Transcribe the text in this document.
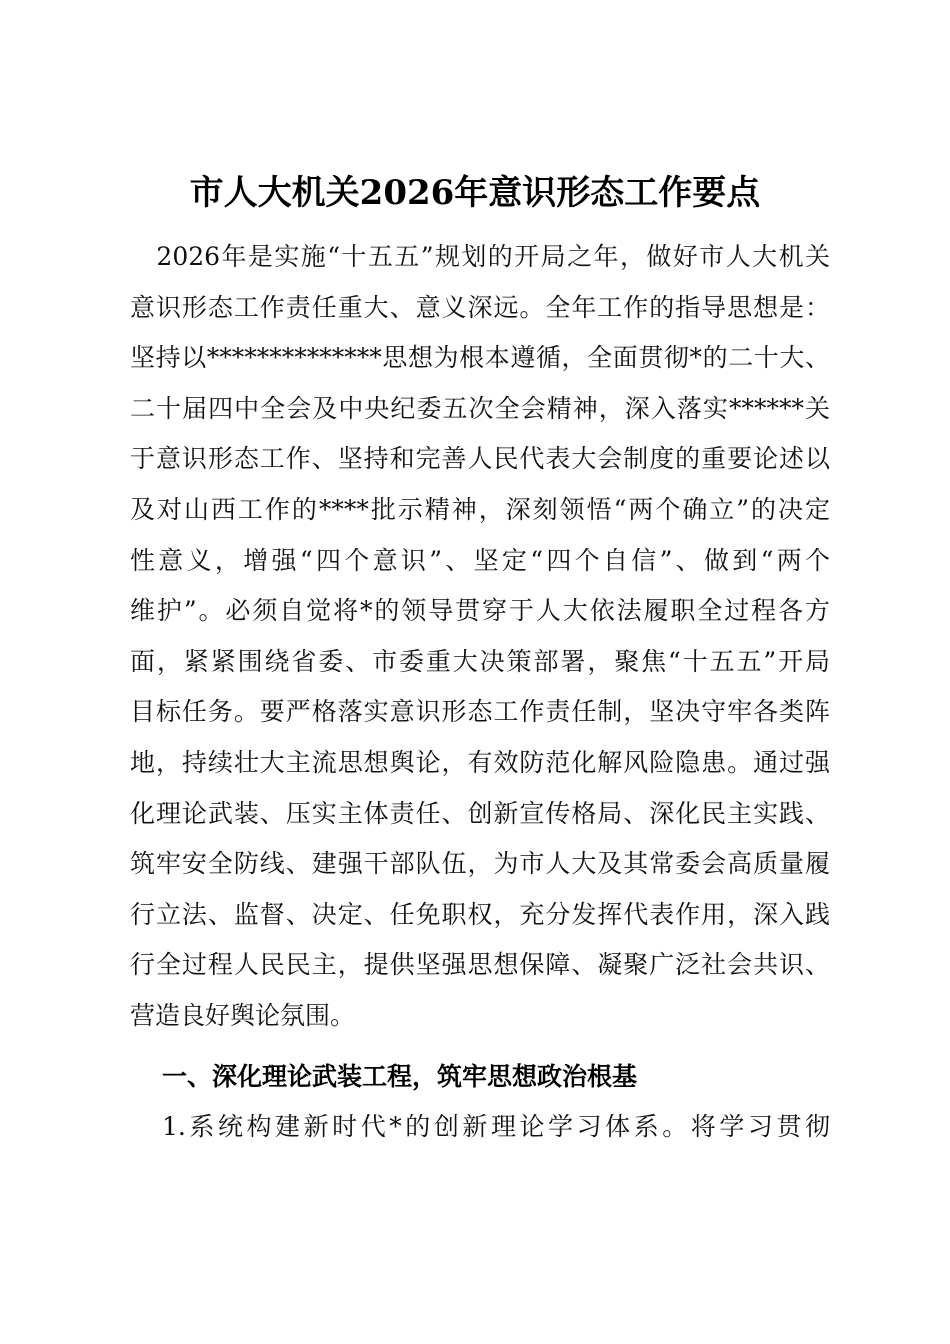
市人大机关2026年意识形态工作要点
　2026年是实施“十五五”规划的开局之年，做好市人大机关
意识形态工作责任重大、意义深远。全年工作的指导思想是：
坚持以**************思想为根本遵循，全面贯彻*的二十大、
二十届四中全会及中央纪委五次全会精神，深入落实******关
于意识形态工作、坚持和完善人民代表大会制度的重要论述以
及对山西工作的****批示精神，深刻领悟“两个确立”的决定
性意义，增强“四个意识”、坚定“四个自信”、做到“两个
维护”。必须自觉将*的领导贯穿于人大依法履职全过程各方
面，紧紧围绕省委、市委重大决策部署，聚焦“十五五”开局
目标任务。要严格落实意识形态工作责任制，坚决守牢各类阵
地，持续壮大主流思想舆论，有效防范化解风险隐患。通过强
化理论武装、压实主体责任、创新宣传格局、深化民主实践、
筑牢安全防线、建强干部队伍，为市人大及其常委会高质量履
行立法、监督、决定、任免职权，充分发挥代表作用，深入践
行全过程人民民主，提供坚强思想保障、凝聚广泛社会共识、
营造良好舆论氛围。
一、深化理论武装工程，筑牢思想政治根基

1.系统构建新时代*的创新理论学习体系。将学习贯彻
